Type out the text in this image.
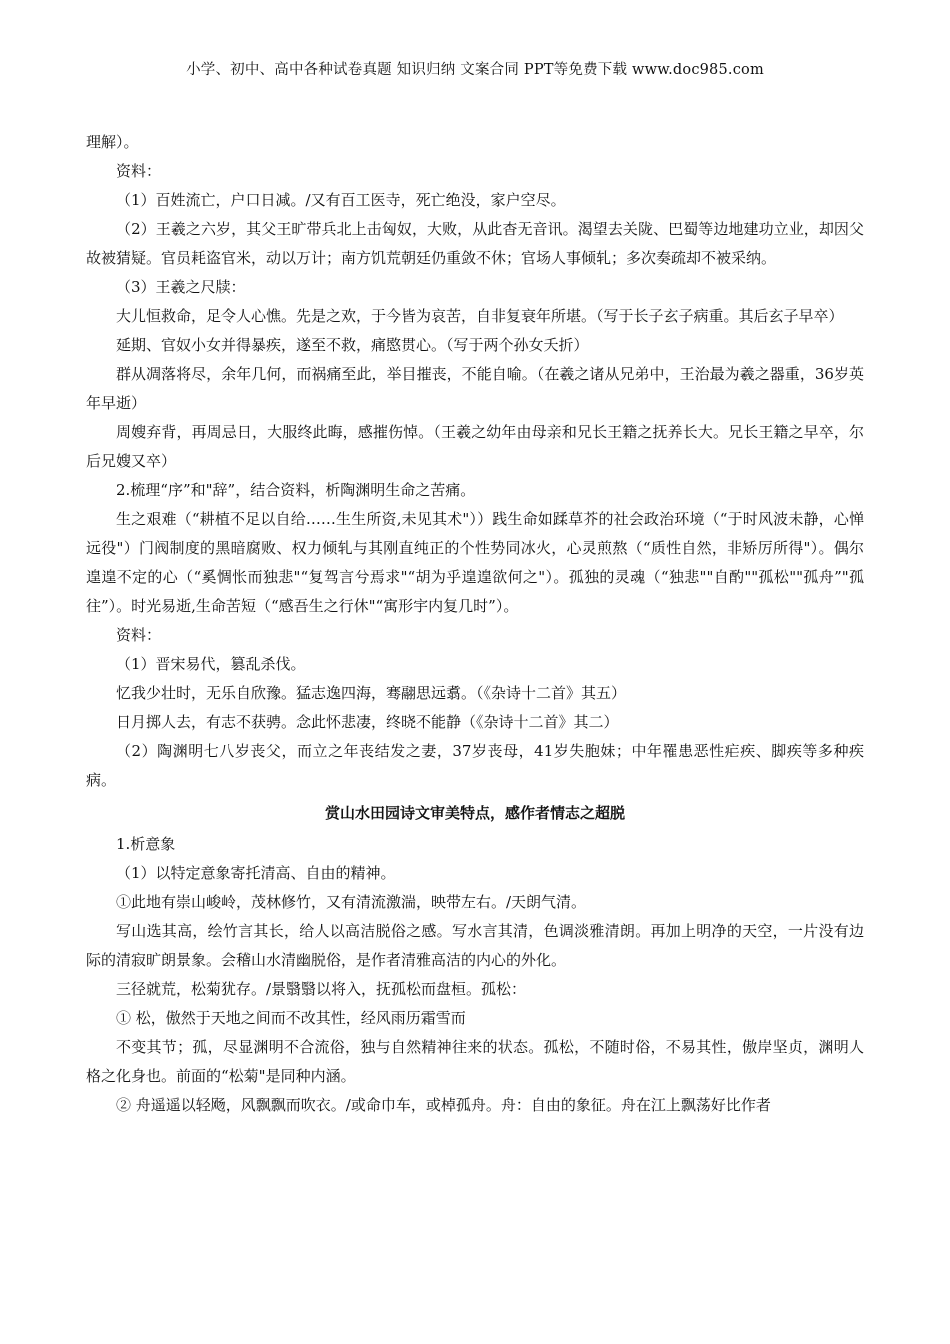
小学、初中、高中各种试卷真题 知识归纳 文案合同 PPT等免费下载 www.doc985.com

理解）。

资料：

（1）百姓流亡，户口日减。/又有百工医寺，死亡绝没，家户空尽。

（2）王羲之六岁，其父王旷带兵北上击匈奴，大败，从此杳无音讯。渴望去关陇、巴蜀等边地建功立业，却因父故被猜疑。官员耗盗官米，动以万计；南方饥荒朝廷仍重敛不休；官场人事倾轧；多次奏疏却不被采纳。

（3）王羲之尺牍：

大儿恒救命，足令人心憔。先是之欢，于今皆为哀苦，自非复衰年所堪。（写于长子玄子病重。其后玄子早卒）

延期、官奴小女并得暴疾，遂至不救，痛愍贯心。（写于两个孙女夭折）

群从凋落将尽，余年几何，而祸痛至此，举目摧丧，不能自喻。（在羲之诸从兄弟中，王治最为羲之器重，36岁英年早逝）

周嫂弃背，再周忌日，大服终此晦，感摧伤悼。（王羲之幼年由母亲和兄长王籍之抚养长大。兄长王籍之早卒，尔后兄嫂又卒）

2.梳理“序”和"辞”，结合资料，析陶渊明生命之苦痛。

生之艰难（“耕植不足以自给……生生所资,未见其术"））践生命如蹂草芥的社会政治环境（“于时风波未静，心惮远役"）门阀制度的黑暗腐败、权力倾轧与其刚直纯正的个性势同冰火，心灵煎熬（“质性自然，非矫厉所得"）。偶尔遑遑不定的心（“奚惆怅而独悲"“复驾言兮焉求"“胡为乎遑遑欲何之"）。孤独的灵魂（“独悲""自酌""孤松""孤舟”"孤往”）。时光易逝,生命苦短（“感吾生之行休"“寓形宇内复几时”）。

资料：

（1）晋宋易代，篡乱杀伐。

忆我少壮时，无乐自欣豫。猛志逸四海，骞翮思远翥。（《杂诗十二首》其五）

日月掷人去，有志不获骋。念此怀悲凄，终晓不能静（《杂诗十二首》其二）

（2）陶渊明七八岁丧父，而立之年丧结发之妻，37岁丧母，41岁失胞妹；中年罹患恶性疟疾、脚疾等多种疾病。

赏山水田园诗文审美特点，感作者情志之超脱

1.析意象

（1）以特定意象寄托清高、自由的精神。

①此地有崇山峻岭，茂林修竹，又有清流激湍，映带左右。/天朗气清。

写山选其高，绘竹言其长，给人以高洁脱俗之感。写水言其清，色调淡雅清朗。再加上明净的天空，一片没有边际的清寂旷朗景象。会稽山水清幽脱俗，是作者清雅高洁的内心的外化。

三径就荒，松菊犹存。/景翳翳以将入，抚孤松而盘桓。孤松：

① 松，傲然于天地之间而不改其性，经风雨历霜雪而

不变其节；孤，尽显渊明不合流俗，独与自然精神往来的状态。孤松，不随时俗，不易其性，傲岸坚贞，渊明人格之化身也。前面的“松菊"是同种内涵。

② 舟遥遥以轻飏，风飘飘而吹衣。/或命巾车，或棹孤舟。舟：自由的象征。舟在江上飘荡好比作者
